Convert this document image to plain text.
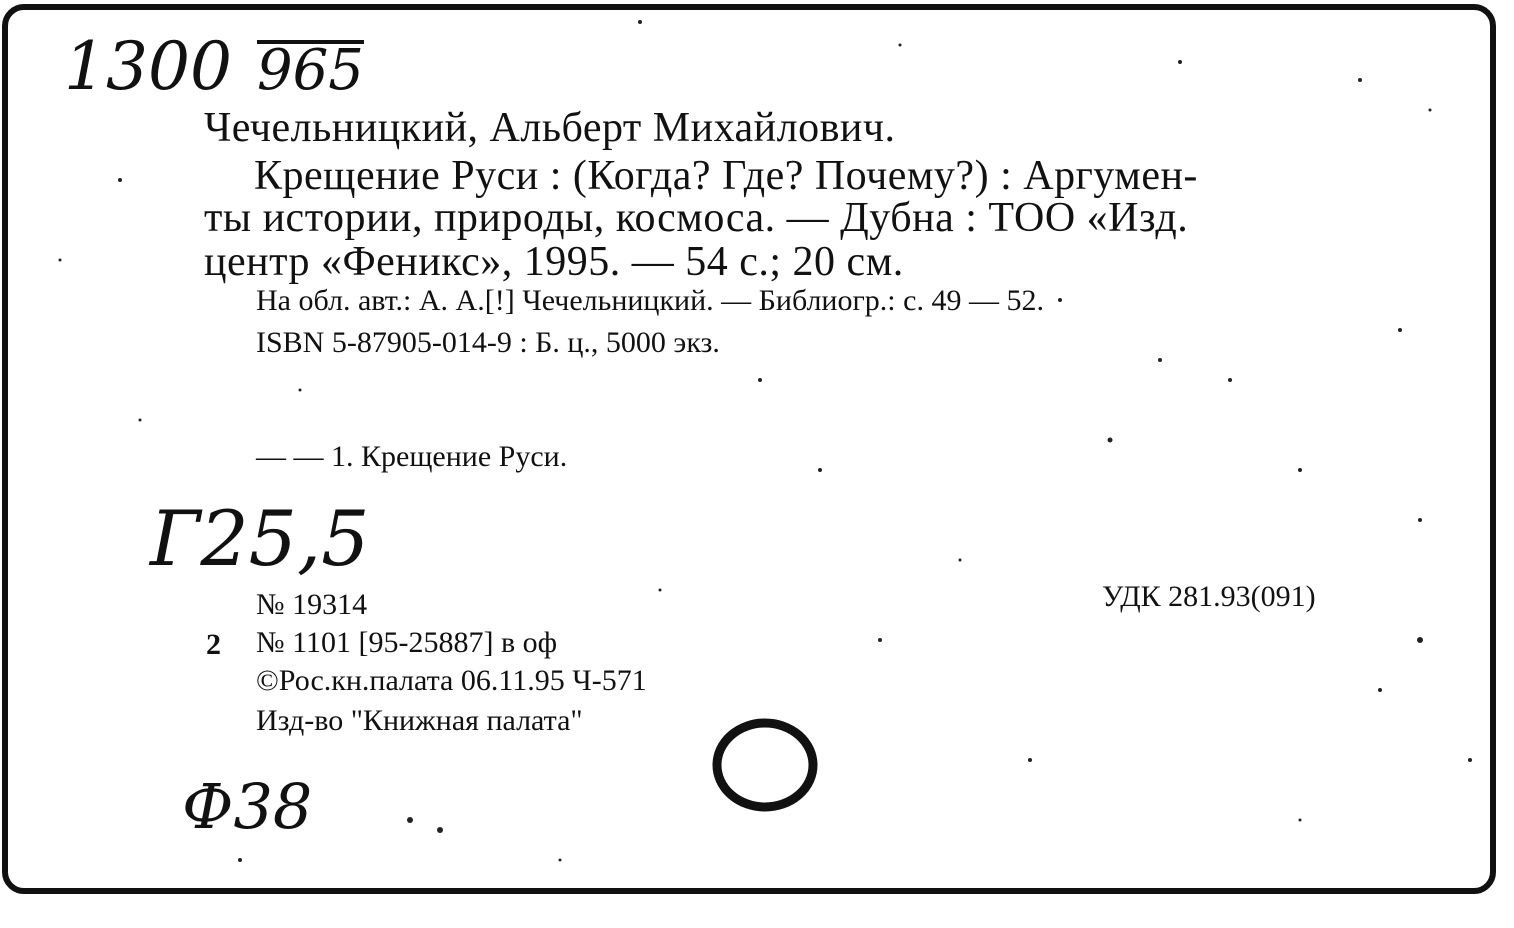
1300 965
Чечельницкий, Альберт Михайлович.
Крещение Руси : (Когда? Где? Почему?) : Аргумен-
ты истории, природы, космоса. — Дубна : ТОО «Изд.
центр «Феникс», 1995. — 54 с.; 20 см.
На обл. авт.: А. А.[!] Чечельницкий. — Библиогр.: с. 49 — 52.
ISBN 5-87905-014-9 : Б. ц., 5000 экз.
— — 1. Крещение Руси.
Г25,5
№ 19314	УДК 281.93(091)
2 № 1101 [95-25887] в оф
©Рос.кн.палата 06.11.95 Ч-571
Изд-во "Книжная палата"
Ф38
